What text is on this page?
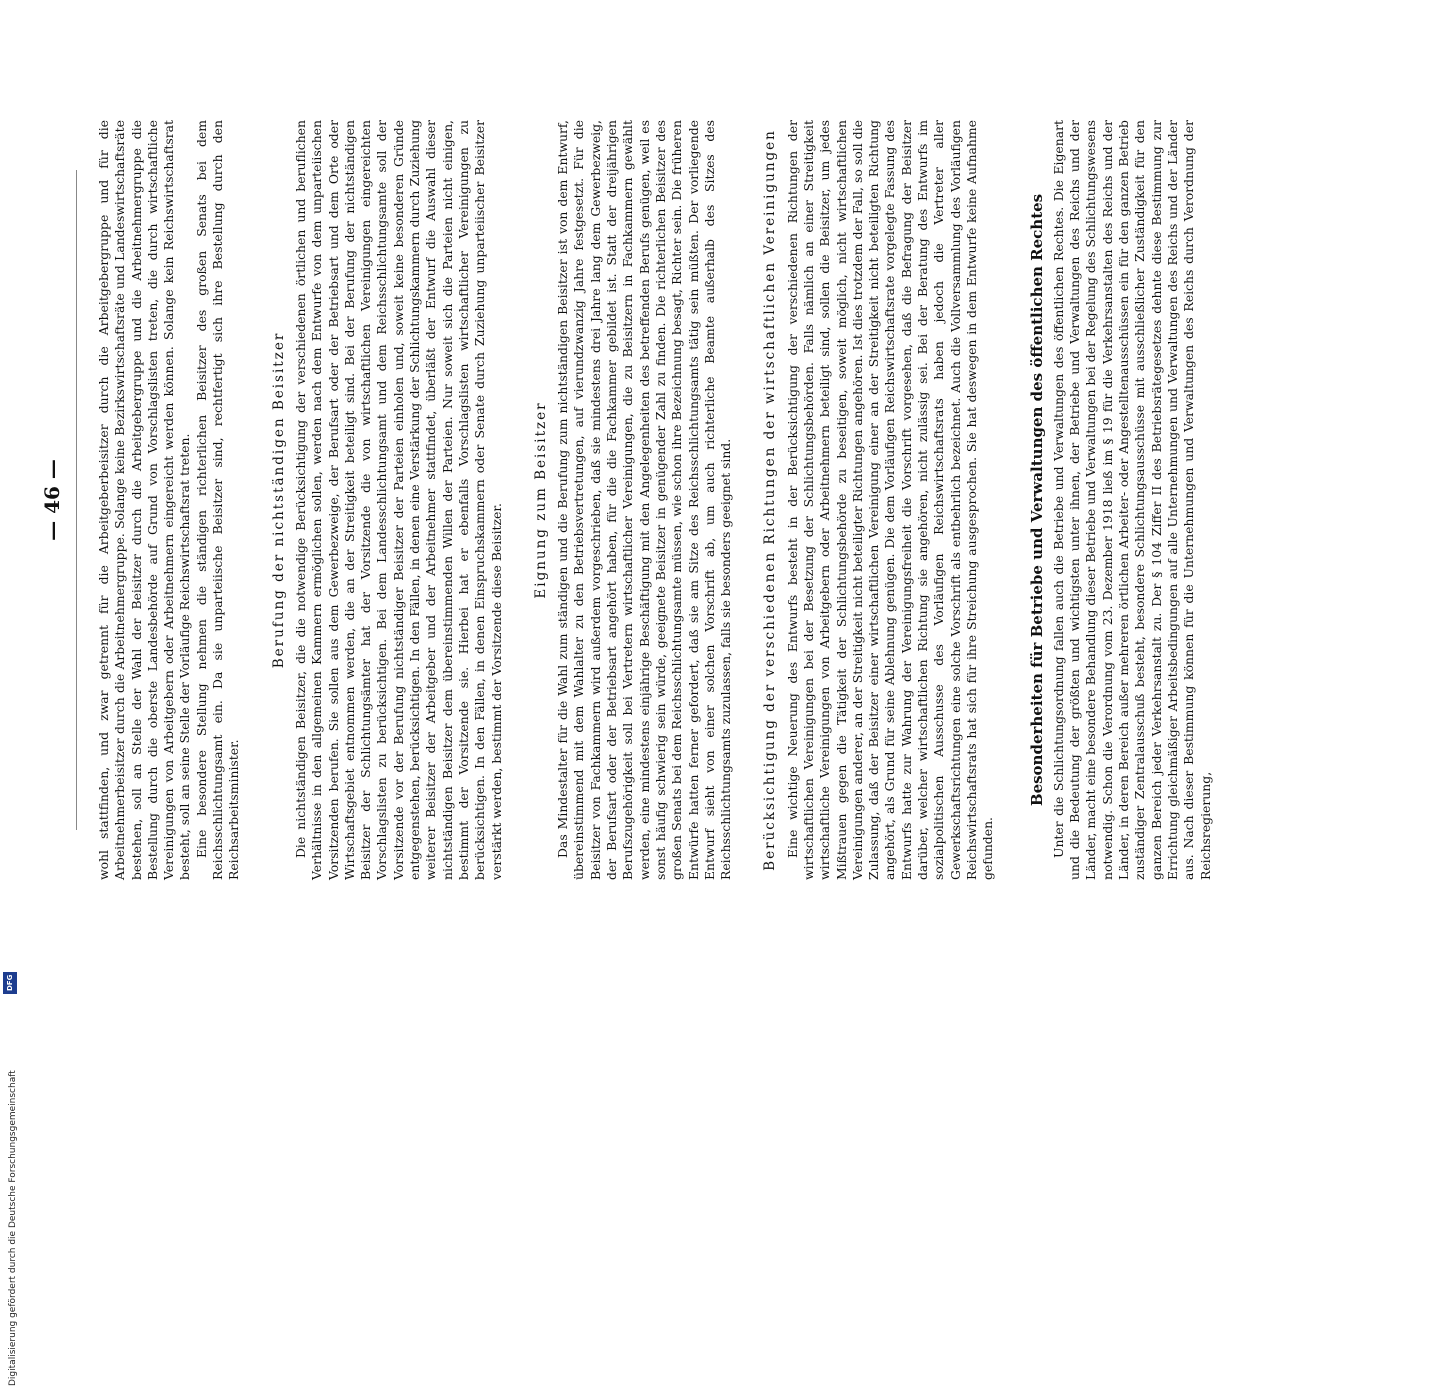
— 46 —	wohl stattfinden, und zwar getrennt für die Arbeitgeberbeisitzer durch die Arbeitgebergruppe und für die Arbeitnehmerbeisitzer durch die Arbeitnehmergruppe. Solange keine Bezirkswirtschaftsräte und Landeswirtschaftsräte bestehen, soll an Stelle der Wahl der Beisitzer durch die Arbeitgebergruppe und die Arbeitnehmergruppe die Bestellung durch die oberste Landesbehörde auf Grund von Vorschlagslisten treten, die durch wirtschaftliche Vereinigungen von Arbeitgebern oder Arbeitnehmern eingereicht werden können. Solange kein Reichswirtschaftsrat besteht, soll an seine Stelle der Vorläufige Reichswirtschaftsrat treten. Eine besondere Stellung nehmen die ständigen richterlichen Beisitzer des großen Senats bei dem Reichsschlichtungsamt ein. Da sie unparteiische Beisitzer sind, rechtfertigt sich ihre Bestellung durch den Reichsarbeitsminister.

Berufung der nichtständigen Beisitzer Die nichtständigen Beisitzer, die die notwendige Berücksichtigung der verschiedenen örtlichen und beruflichen Verhältnisse in den allgemeinen Kammern ermöglichen sollen, werden nach dem Entwurfe von dem unparteiischen Vorsitzenden berufen. Sie sollen aus dem Gewerbezweige, der Berufsart oder der Betriebsart und dem Orte oder Wirtschaftsgebiet entnommen werden, die an der Streitigkeit beteiligt sind. Bei der Berufung der nichtständigen Beisitzer der Schlichtungsämter hat der Vorsitzende die von wirtschaftlichen Vereinigungen eingereichten Vorschlagslisten zu berücksichtigen. Bei dem Landesschlichtungsamt und dem Reichsschlichtungsamte soll der Vorsitzende vor der Berufung nichtständiger Beisitzer der Parteien einholen und, soweit keine besonderen Gründe entgegenstehen, berücksichtigen. In den Fällen, in denen eine Verstärkung der Schlichtungskammern durch Zuziehung weiterer Beisitzer der Arbeitgeber und der Arbeitnehmer stattfindet, überläßt der Entwurf die Auswahl dieser nichtständigen Beisitzer dem übereinstimmenden Willen der Parteien. Nur soweit sich die Parteien nicht einigen, bestimmt der Vorsitzende sie. Hierbei hat er ebenfalls Vorschlagslisten wirtschaftlicher Vereinigungen zu berücksichtigen. In den Fällen, in denen Einspruchskammern oder Senate durch Zuziehung unparteiischer Beisitzer verstärkt werden, bestimmt der Vorsitzende diese Beisitzer.

Eignung zum Beisitzer Das Mindestalter für die Wahl zum ständigen und die Berufung zum nichtständigen Beisitzer ist von dem Entwurf, übereinstimmend mit dem Wahlalter zu den Betriebsvertretungen, auf vierundzwanzig Jahre festgesetzt. Für die Beisitzer von Fachkammern wird außerdem vorgeschrieben, daß sie mindestens drei Jahre lang dem Gewerbezweig, der Berufsart oder der Betriebsart angehört haben, für die die Fachkammer gebildet ist. Statt der dreijährigen Berufszugehörigkeit soll bei Vertretern wirtschaftlicher Vereinigungen, die zu Beisitzern in Fachkammern gewählt werden, eine mindestens einjährige Beschäftigung mit den Angelegenheiten des betreffenden Berufs genügen, weil es sonst häufig schwierig sein würde, geeignete Beisitzer in genügender Zahl zu finden. Die richterlichen Beisitzer des großen Senats bei dem Reichsschlichtungsamte müssen, wie schon ihre Bezeichnung besagt, Richter sein. Die früheren Entwürfe hatten ferner gefordert, daß sie am Sitze des Reichsschlichtungsamts tätig sein müßten. Der vorliegende Entwurf sieht von einer solchen Vorschrift ab, um auch richterliche Beamte außerhalb des Sitzes des Reichsschlichtungsamts zuzulassen, falls sie besonders geeignet sind. Berücksichtigung der verschiedenen Richtungen der wirtschaftlichen Vereinigungen Eine wichtige Neuerung des Entwurfs besteht in der Berücksichtigung der verschiedenen Richtungen der wirtschaftlichen Vereinigungen bei der Besetzung der Schlichtungsbehörden. Falls nämlich an einer Streitigkeit wirtschaftliche Vereinigungen von Arbeitgebern oder Arbeitnehmern beteiligt sind, sollen die Beisitzer, um jedes Mißtrauen gegen die Tätigkeit der Schlichtungsbehörde zu beseitigen, soweit möglich, nicht wirtschaftlichen Vereinigungen anderer, an der Streitigkeit nicht beteiligter Richtungen angehören. Ist dies trotzdem der Fall, so soll die Zulassung, daß der Beisitzer einer wirtschaftlichen Vereinigung einer an der Streitigkeit nicht beteiligten Richtung angehört, als Grund für seine Ablehnung genügen. Die dem Vorläufigen Reichswirtschaftsrate vorgelegte Fassung des Entwurfs hatte zur Wahrung der Vereinigungsfreiheit die Vorschrift vorgesehen, daß die Befragung der Beisitzer darüber, welcher wirtschaftlichen Richtung sie angehören, nicht zulässig sei. Bei der Beratung des Entwurfs im sozialpolitischen Ausschusse des Vorläufigen Reichswirtschaftsrats haben jedoch die Vertreter aller Gewerkschaftsrichtungen eine solche Vorschrift als entbehrlich bezeichnet. Auch die Vollversammlung des Vorläufigen Reichswirtschaftsrats hat sich für ihre Streichung ausgesprochen. Sie hat deswegen in dem Entwurfe keine Aufnahme gefunden.

Besonderheiten für Betriebe und Verwaltungen des öffentlichen Rechtes Unter die Schlichtungsordnung fallen auch die Betriebe und Verwaltungen des öffentlichen Rechtes. Die Eigenart und die Bedeutung der größten und wichtigsten unter ihnen, der Betriebe und Verwaltungen des Reichs und der Länder, macht eine besondere Behandlung dieser Betriebe und Verwaltungen bei der Regelung des Schlichtungswesens notwendig. Schon die Verordnung vom 23. Dezember 1918 ließ im § 19 für die Verkehrsanstalten des Reichs und der Länder, in deren Bereich außer mehreren örtlichen Arbeiter- oder Angestelltenausschüssen ein für den ganzen Betrieb zuständiger Zentralausschuß besteht, besondere Schlichtungsausschüsse mit ausschließlicher Zuständigkeit für den ganzen Bereich jeder Verkehrsanstalt zu. Der § 104 Ziffer II des Betriebsrätegesetzes dehnte diese Bestimmung zur Errichtung gleichmäßiger Arbeitsbedingungen auf alle Unternehmungen und Verwaltungen des Reichs und der Länder aus. Nach dieser Bestimmung können für die Unternehmungen und Verwaltungen des Reichs durch Verordnung der Reichsregierung,

Digitalisierung gefördert durch die Deutsche Forschungsgemeinschaft
DFG
